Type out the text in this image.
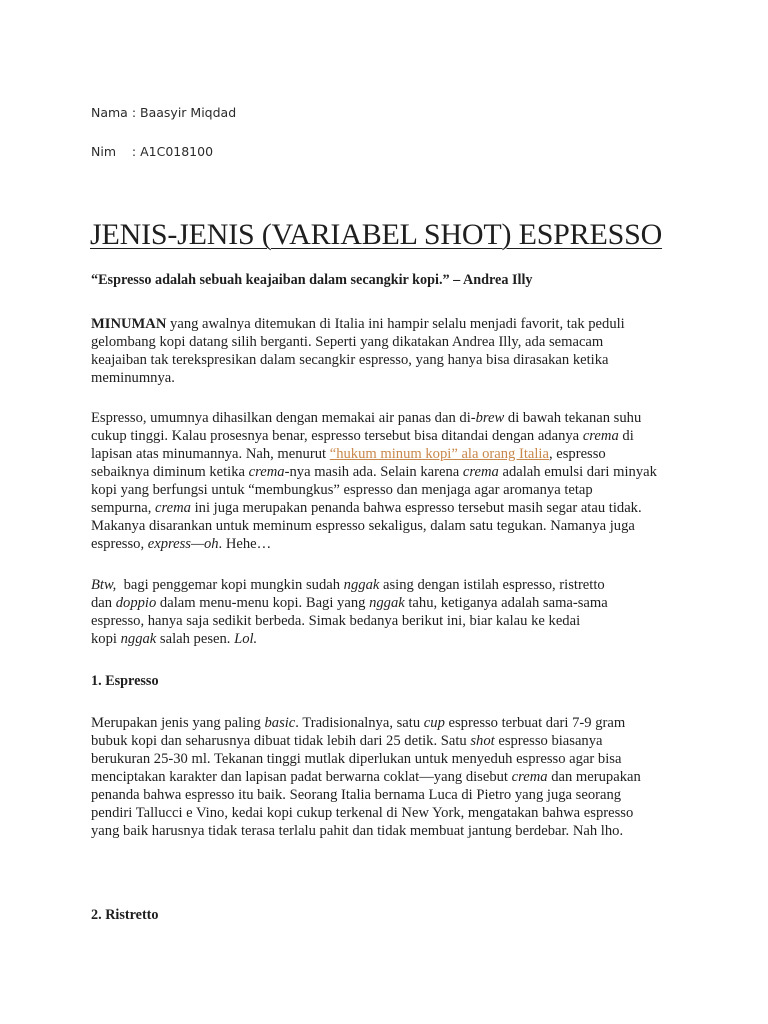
Nama : Baasyir Miqdad
Nim    : A1C018100
JENIS-JENIS (VARIABEL SHOT) ESPRESSO
“Espresso adalah sebuah keajaiban dalam secangkir kopi.” – Andrea Illy

MINUMAN yang awalnya ditemukan di Italia ini hampir selalu menjadi favorit, tak peduli

gelombang kopi datang silih berganti. Seperti yang dikatakan Andrea Illy, ada semacam

keajaiban tak terekspresikan dalam secangkir espresso, yang hanya bisa dirasakan ketika

meminumnya.

Espresso, umumnya dihasilkan dengan memakai air panas dan di-brew di bawah tekanan suhu

cukup tinggi. Kalau prosesnya benar, espresso tersebut bisa ditandai dengan adanya crema di

lapisan atas minumannya. Nah, menurut “hukum minum kopi” ala orang Italia, espresso

sebaiknya diminum ketika crema-nya masih ada. Selain karena crema adalah emulsi dari minyak

kopi yang berfungsi untuk “membungkus” espresso dan menjaga agar aromanya tetap

sempurna, crema ini juga merupakan penanda bahwa espresso tersebut masih segar atau tidak.

Makanya disarankan untuk meminum espresso sekaligus, dalam satu tegukan. Namanya juga

espresso, express—oh. Hehe…

Btw,  bagi penggemar kopi mungkin sudah nggak asing dengan istilah espresso, ristretto

dan doppio dalam menu-menu kopi. Bagi yang nggak tahu, ketiganya adalah sama-sama

espresso, hanya saja sedikit berbeda. Simak bedanya berikut ini, biar kalau ke kedai

kopi nggak salah pesen. Lol.

1. Espresso

Merupakan jenis yang paling basic. Tradisionalnya, satu cup espresso terbuat dari 7-9 gram

bubuk kopi dan seharusnya dibuat tidak lebih dari 25 detik. Satu shot espresso biasanya

berukuran 25-30 ml. Tekanan tinggi mutlak diperlukan untuk menyeduh espresso agar bisa

menciptakan karakter dan lapisan padat berwarna coklat—yang disebut crema dan merupakan

penanda bahwa espresso itu baik. Seorang Italia bernama Luca di Pietro yang juga seorang

pendiri Tallucci e Vino, kedai kopi cukup terkenal di New York, mengatakan bahwa espresso

yang baik harusnya tidak terasa terlalu pahit dan tidak membuat jantung berdebar. Nah lho.

2. Ristretto
